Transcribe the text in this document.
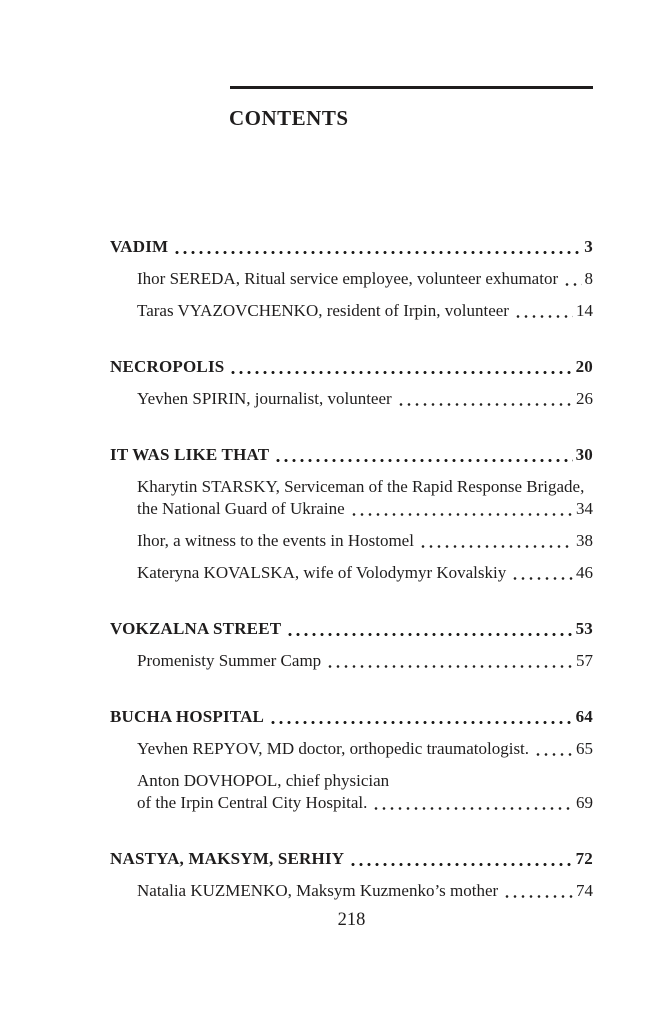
CONTENTS
VADIM	3
Ihor SEREDA, Ritual service employee, volunteer exhumator 8
Taras VYAZOVCHENKO, resident of Irpin, volunteer	14
NECROPOLIS	20
Yevhen SPIRIN, journalist, volunteer	26
IT WAS LIKE THAT	30
Kharytin STARSKY, Serviceman of the Rapid Response Brigade,
the National Guard of Ukraine	34
Ihor, a witness to the events in Hostomel	38
Kateryna KOVALSKA, wife of Volodymyr Kovalskiy	46
VOKZALNA STREET	53
Promenisty Summer Camp	57
BUCHA HOSPITAL	64
Yevhen REPYOV, MD doctor, orthopedic traumatologist.	65
Anton DOVHOPOL, chief physician
of the Irpin Central City Hospital.	69
NASTYA, MAKSYM, SERHIY	72
Natalia KUZMENKO, Maksym Kuzmenko’s mother	74
218
